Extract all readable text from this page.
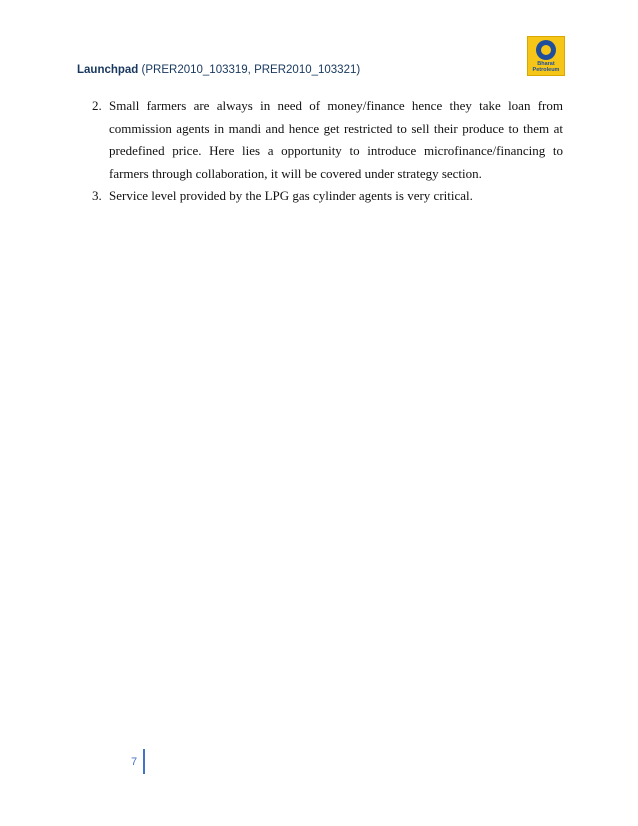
Launchpad (PRER2010_103319, PRER2010_103321)	Bharat
Petroleum
2. Small farmers are always in need of money/finance hence they take loan from commission agents in mandi and hence get restricted to sell their produce to them at predefined price. Here lies a opportunity to introduce microfinance/financing to farmers through collaboration, it will be covered under strategy section.
3. Service level provided by the LPG gas cylinder agents is very critical.
7
